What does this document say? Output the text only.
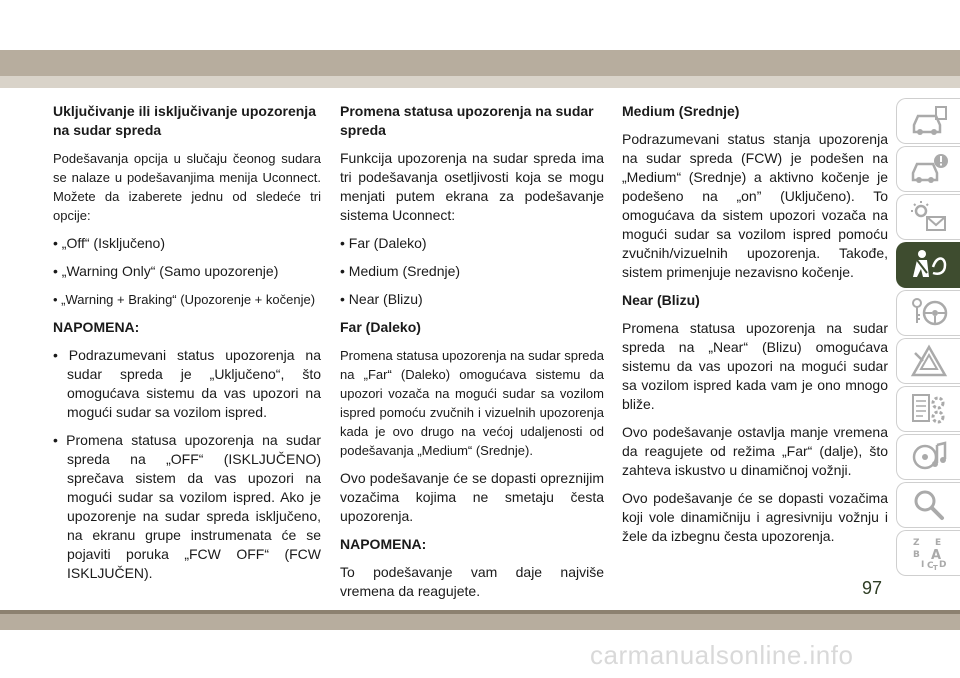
Uključivanje ili isključivanje upozorenja na sudar spreda

Podešavanja opcija u slučaju čeonog sudara se nalaze u podešavanjima menija Uconnect. Možete da izaberete jednu od sledeće tri opcije:

• „Off“ (Isključeno)

• „Warning Only“ (Samo upozorenje)

• „Warning + Braking“ (Upozorenje + kočenje)

NAPOMENA:

• Podrazumevani status upozorenja na sudar spreda je „Uključeno“, što omogućava sistemu da vas upozori na mogući sudar sa vozilom ispred.

• Promena statusa upozorenja na sudar spreda na „OFF“ (ISKLJUČENO) sprečava sistem da vas upozori na mogući sudar sa vozilom ispred. Ako je upozorenje na sudar spreda isključeno, na ekranu grupe instrumenata će se pojaviti poruka „FCW OFF“ (FCW ISKLJUČEN).

Promena statusa upozorenja na sudar spreda

Funkcija upozorenja na sudar spreda ima tri podešavanja osetljivosti koja se mogu menjati putem ekrana za podešavanje sistema Uconnect:

• Far (Daleko)

• Medium (Srednje)

• Near (Blizu)

Far (Daleko)

Promena statusa upozorenja na sudar spreda na „Far“ (Daleko) omogućava sistemu da upozori vozača na mogući sudar sa vozilom ispred pomoću zvučnih i vizuelnih upozorenja kada je ovo drugo na većoj udaljenosti od podešavanja „Medium“ (Srednje).

Ovo podešavanje će se dopasti opreznijim vozačima kojima ne smetaju česta upozorenja.

NAPOMENA:

To podešavanje vam daje najviše vremena da reagujete.

Medium (Srednje)

Podrazumevani status stanja upozorenja na sudar spreda (FCW) je podešen na „Medium“ (Srednje) a aktivno kočenje je podešeno na „on” (Uključeno). To omogućava da sistem upozori vozača na mogući sudar sa vozilom ispred pomoću zvučnih/vizuelnih upozorenja. Takođe, sistem primenjuje nezavisno kočenje.

Near (Blizu)

Promena statusa upozorenja na sudar spreda na „Near“ (Blizu) omogućava sistemu da vas upozori na mogući sudar sa vozilom ispred kada vam je ono mnogo bliže.

Ovo podešavanje ostavlja manje vremena da reagujete od režima „Far“ (dalje), što zahteva iskustvo u dinamičnoj vožnji.

Ovo podešavanje će se dopasti vozačima koji vole dinamičniju i agresivniju vožnju i žele da izbegnu česta upozorenja.	Z E
B A
I C D
T
97
carmanualsonline.info
